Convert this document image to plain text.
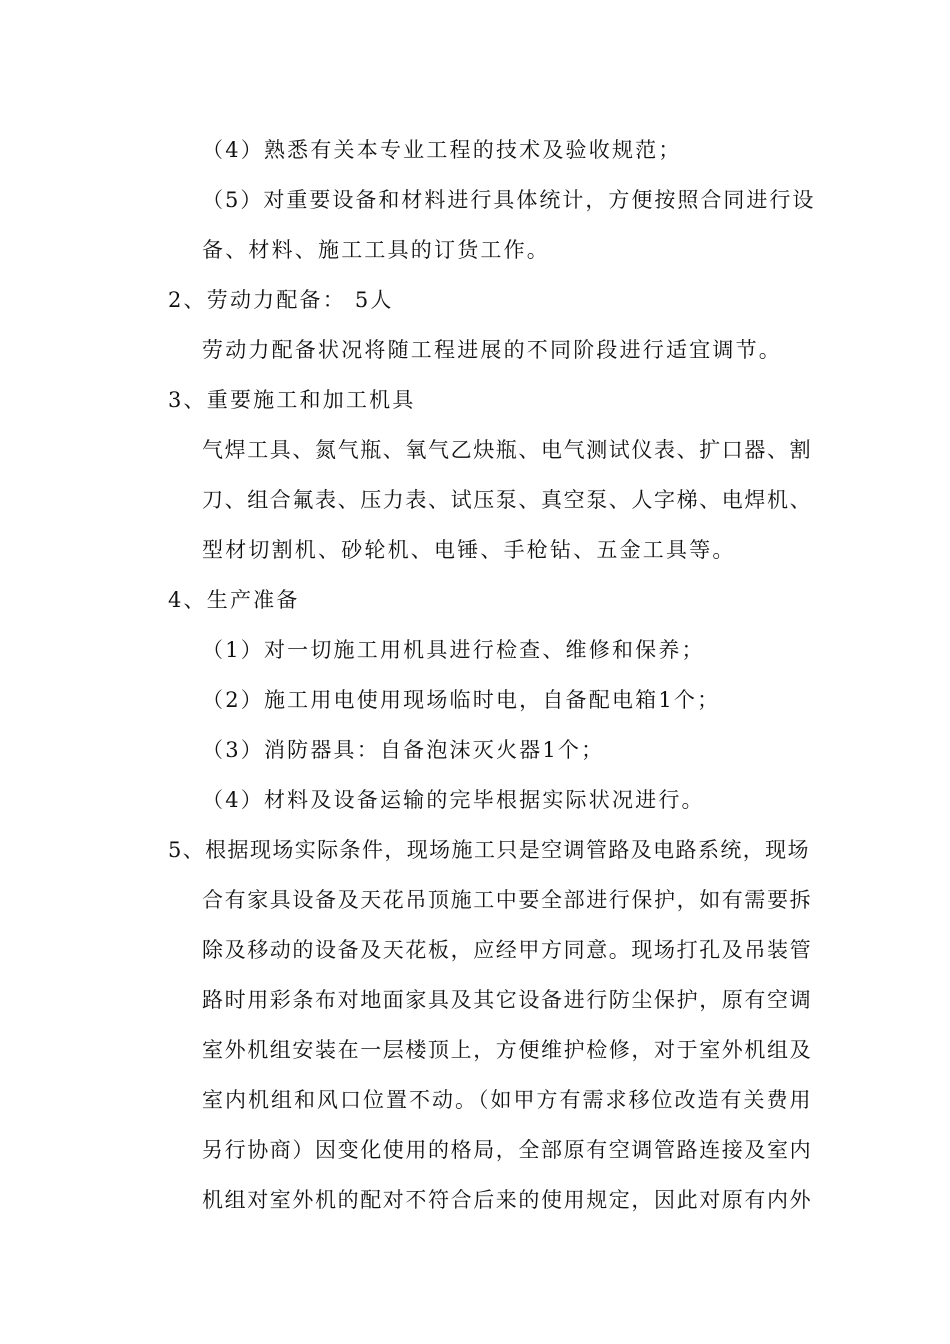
（4）熟悉有关本专业工程的技术及验收规范；
（5）对重要设备和材料进行具体统计，方便按照合同进行设
备、材料、施工工具的订货工作。
2、劳动力配备： 5人
劳动力配备状况将随工程进展的不同阶段进行适宜调节。
3、重要施工和加工机具
气焊工具、氮气瓶、氧气乙炔瓶、电气测试仪表、扩口器、割
刀、组合氟表、压力表、试压泵、真空泵、人字梯、电焊机、
型材切割机、砂轮机、电锤、手枪钻、五金工具等。
4、生产准备
（1）对一切施工用机具进行检查、维修和保养；
（2）施工用电使用现场临时电，自备配电箱1个；
（3）消防器具：自备泡沫灭火器1个；
（4）材料及设备运输的完毕根据实际状况进行。
5、根据现场实际条件，现场施工只是空调管路及电路系统，现场
合有家具设备及天花吊顶施工中要全部进行保护，如有需要拆
除及移动的设备及天花板，应经甲方同意。现场打孔及吊装管
路时用彩条布对地面家具及其它设备进行防尘保护，原有空调
室外机组安装在一层楼顶上，方便维护检修，对于室外机组及
室内机组和风口位置不动。（如甲方有需求移位改造有关费用
另行协商）因变化使用的格局，全部原有空调管路连接及室内
机组对室外机的配对不符合后来的使用规定，因此对原有内外
